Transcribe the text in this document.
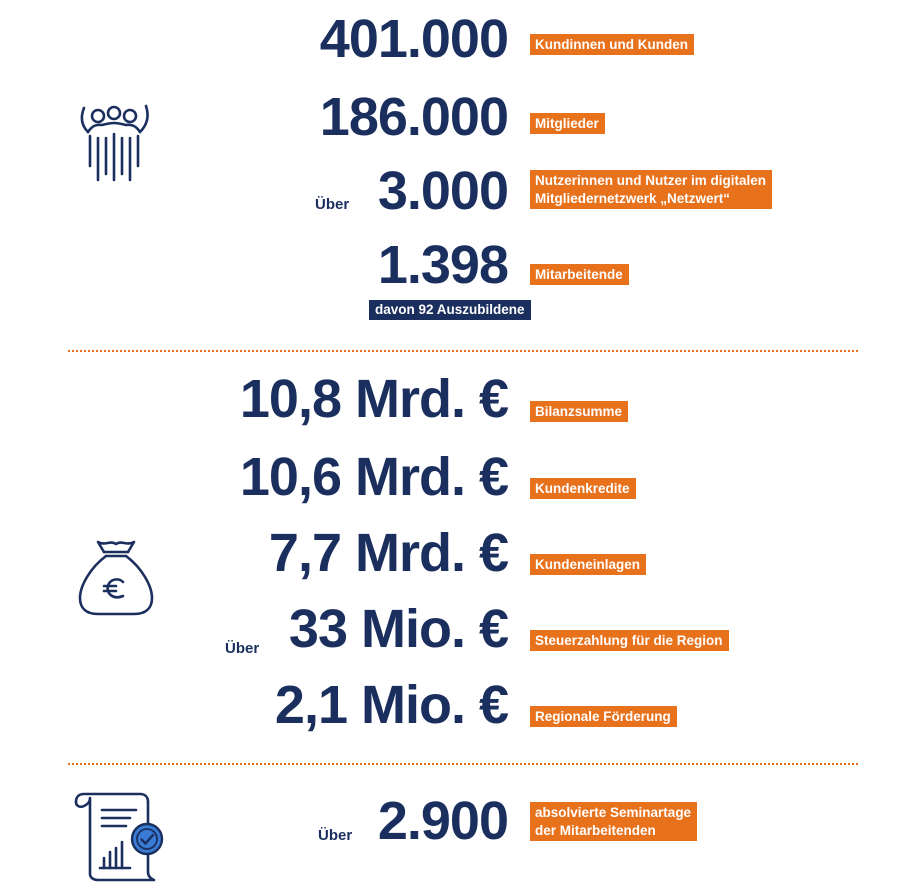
401.000	Kundinnen und Kunden
186.000	Mitglieder
Über 3.000 Nutzerinnen und Nutzer im digitalen
Mitgliedernetzwerk „Netzwert“
1.398	Mitarbeitende
davon 92 Auszubildene
10,8 Mrd. €	Bilanzsumme
10,6 Mrd. €	Kundenkredite
7,7 Mrd. €	Kundeneinlagen
Über 33 Mio. €	Steuerzahlung für die Region
2,1 Mio. €	Regionale Förderung
Über 2.900 absolvierte Seminartage
der Mitarbeitenden
